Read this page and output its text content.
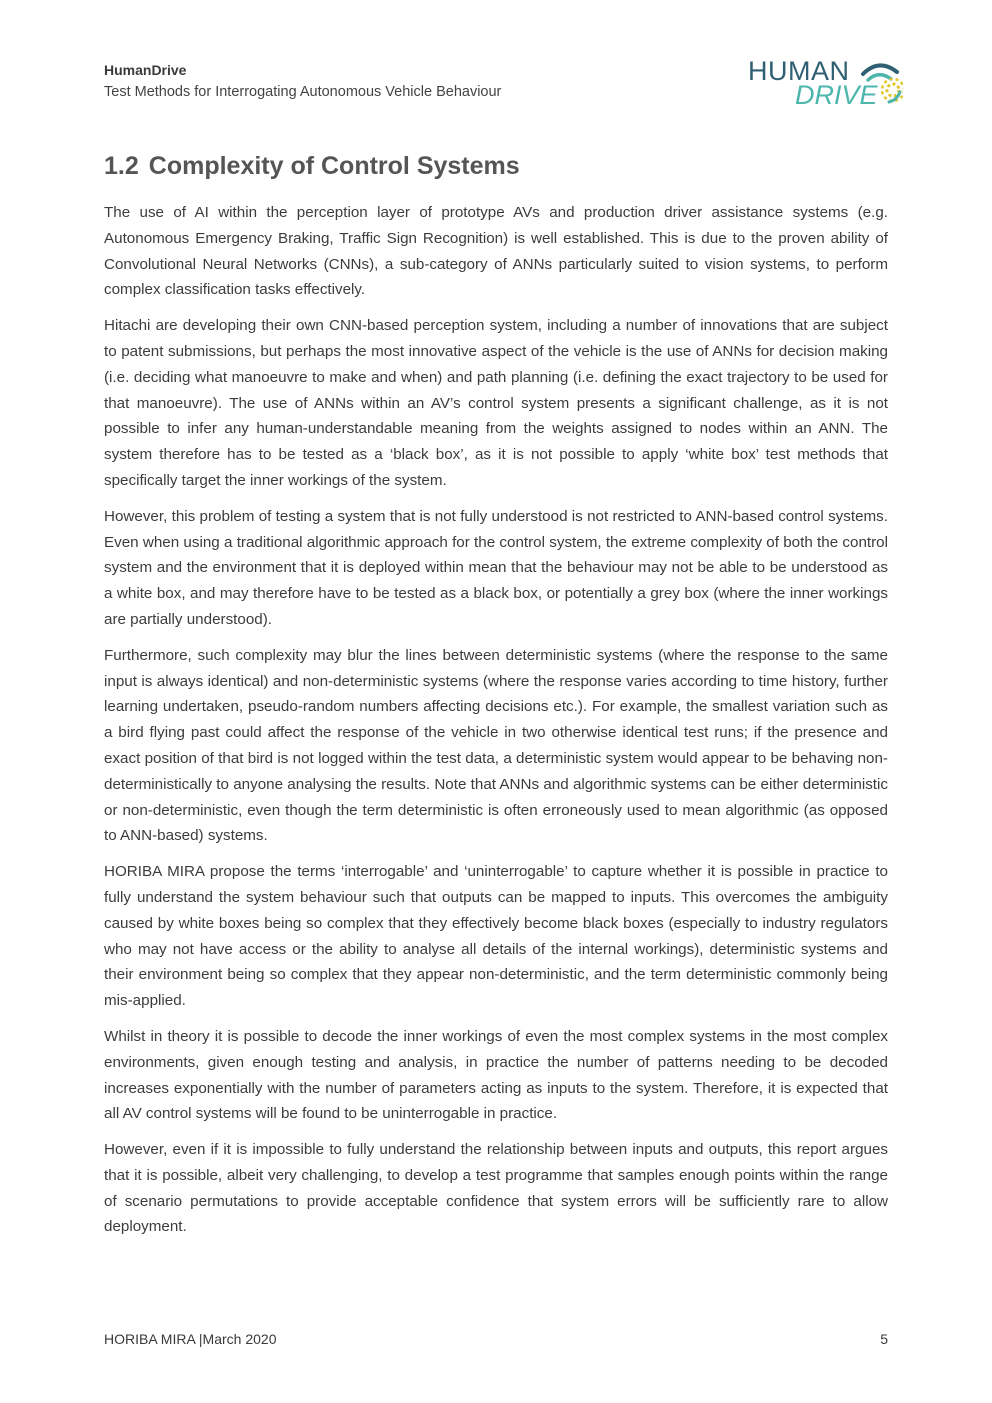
HumanDrive
Test Methods for Interrogating Autonomous Vehicle Behaviour
HUMAN
DRIVE
1.2 Complexity of Control Systems

The use of AI within the perception layer of prototype AVs and production driver assistance systems (e.g. Autonomous Emergency Braking, Traffic Sign Recognition) is well established. This is due to the proven ability of Convolutional Neural Networks (CNNs), a sub-category of ANNs particularly suited to vision systems, to perform complex classification tasks effectively.

Hitachi are developing their own CNN-based perception system, including a number of innovations that are subject to patent submissions, but perhaps the most innovative aspect of the vehicle is the use of ANNs for decision making (i.e. deciding what manoeuvre to make and when) and path planning (i.e. defining the exact trajectory to be used for that manoeuvre). The use of ANNs within an AV’s control system presents a significant challenge, as it is not possible to infer any human-understandable meaning from the weights assigned to nodes within an ANN. The system therefore has to be tested as a ‘black box’, as it is not possible to apply ‘white box’ test methods that specifically target the inner workings of the system.

However, this problem of testing a system that is not fully understood is not restricted to ANN-based control systems. Even when using a traditional algorithmic approach for the control system, the extreme complexity of both the control system and the environment that it is deployed within mean that the behaviour may not be able to be understood as a white box, and may therefore have to be tested as a black box, or potentially a grey box (where the inner workings are partially understood).

Furthermore, such complexity may blur the lines between deterministic systems (where the response to the same input is always identical) and non-deterministic systems (where the response varies according to time history, further learning undertaken, pseudo-random numbers affecting decisions etc.). For example, the smallest variation such as a bird flying past could affect the response of the vehicle in two otherwise identical test runs; if the presence and exact position of that bird is not logged within the test data, a deterministic system would appear to be behaving non-deterministically to anyone analysing the results. Note that ANNs and algorithmic systems can be either deterministic or non-deterministic, even though the term deterministic is often erroneously used to mean algorithmic (as opposed to ANN-based) systems.

HORIBA MIRA propose the terms ‘interrogable’ and ‘uninterrogable’ to capture whether it is possible in practice to fully understand the system behaviour such that outputs can be mapped to inputs. This overcomes the ambiguity caused by white boxes being so complex that they effectively become black boxes (especially to industry regulators who may not have access or the ability to analyse all details of the internal workings), deterministic systems and their environment being so complex that they appear non-deterministic, and the term deterministic commonly being mis-applied.

Whilst in theory it is possible to decode the inner workings of even the most complex systems in the most complex environments, given enough testing and analysis, in practice the number of patterns needing to be decoded increases exponentially with the number of parameters acting as inputs to the system. Therefore, it is expected that all AV control systems will be found to be uninterrogable in practice.

However, even if it is impossible to fully understand the relationship between inputs and outputs, this report argues that it is possible, albeit very challenging, to develop a test programme that samples enough points within the range of scenario permutations to provide acceptable confidence that system errors will be sufficiently rare to allow deployment.

HORIBA MIRA |March 2020	5
